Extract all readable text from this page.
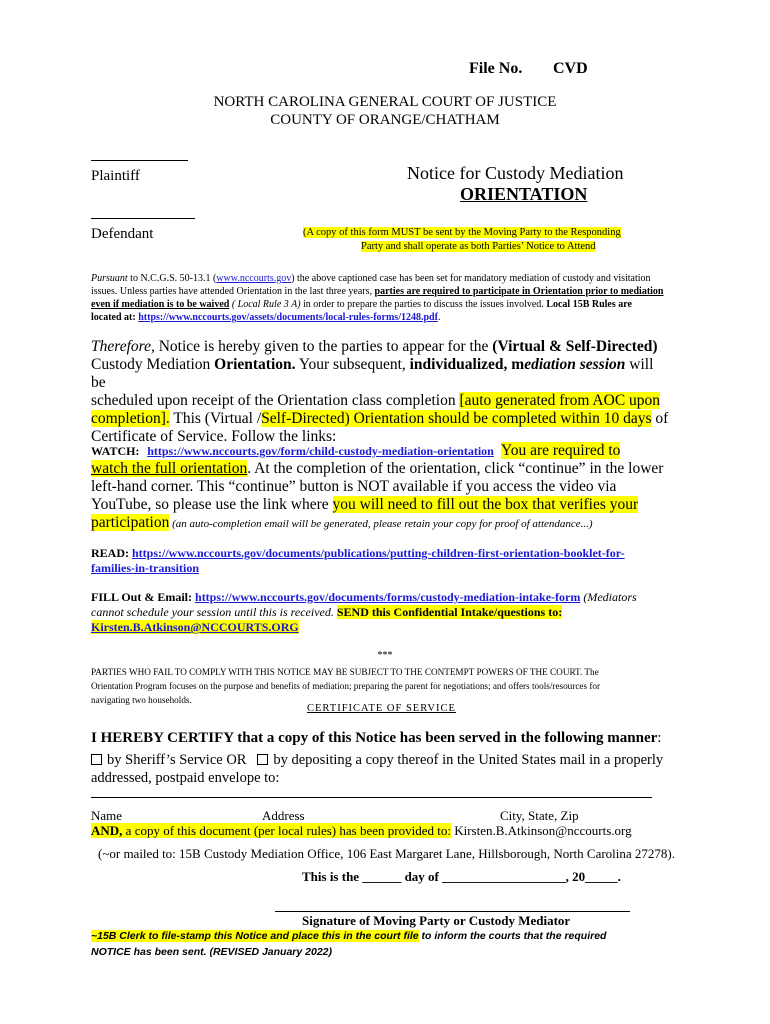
File No. CVD
NORTH CAROLINA GENERAL COURT OF JUSTICE
COUNTY OF ORANGE/CHATHAM
Plaintiff
Defendant
Notice for Custody Mediation
ORIENTATION
(A copy of this form MUST be sent by the Moving Party to the Responding
Party and shall operate as both Parties’ Notice to Attend
Pursuant to N.C.G.S. 50-13.1 (www.nccourts.gov) the above captioned case has been set for mandatory mediation of custody and visitation
issues. Unless parties have attended Orientation in the last three years, parties are required to participate in Orientation prior to mediation
even if mediation is to be waived ( Local Rule 3 A) in order to prepare the parties to discuss the issues involved. Local 15B Rules are
located at: https://www.nccourts.gov/assets/documents/local-rules-forms/1248.pdf.
Therefore, Notice is hereby given to the parties to appear for the (Virtual & Self-Directed)
Custody Mediation Orientation. Your subsequent, individualized, mediation session will be
scheduled upon receipt of the Orientation class completion [auto generated from AOC upon
completion]. This (Virtual /Self-Directed) Orientation should be completed within 10 days of
Certificate of Service. Follow the links:
WATCH: https://www.nccourts.gov/form/child-custody-mediation-orientation You are required to
watch the full orientation. At the completion of the orientation, click “continue” in the lower
left-hand corner. This “continue” button is NOT available if you access the video via
YouTube, so please use the link where you will need to fill out the box that verifies your
participation (an auto-completion email will be generated, please retain your copy for proof of attendance...)
READ: https://www.nccourts.gov/documents/publications/putting-children-first-orientation-booklet-for-
families-in-transition
FILL Out & Email: https://www.nccourts.gov/documents/forms/custody-mediation-intake-form (Mediators
cannot schedule your session until this is received. SEND this Confidential Intake/questions to:
Kirsten.B.Atkinson@NCCOURTS.ORG
***
PARTIES WHO FAIL TO COMPLY WITH THIS NOTICE MAY BE SUBJECT TO THE CONTEMPT POWERS OF THE COURT. The
Orientation Program focuses on the purpose and benefits of mediation; preparing the parent for negotiations; and offers tools/resources for
navigating two households.
CERTIFICATE OF SERVICE
I HEREBY CERTIFY that a copy of this Notice has been served in the following manner:
by Sheriff’s Service OR by depositing a copy thereof in the United States mail in a properly
addressed, postpaid envelope to:
Name	Address	City, State, Zip
AND, a copy of this document (per local rules) has been provided to: Kirsten.B.Atkinson@nccourts.org
(~or mailed to: 15B Custody Mediation Office, 106 East Margaret Lane, Hillsborough, North Carolina 27278).
This is the ______ day of ___________________, 20_____.
Signature of Moving Party or Custody Mediator
~15B Clerk to file-stamp this Notice and place this in the court file to inform the courts that the required
NOTICE has been sent. (REVISED January 2022)
